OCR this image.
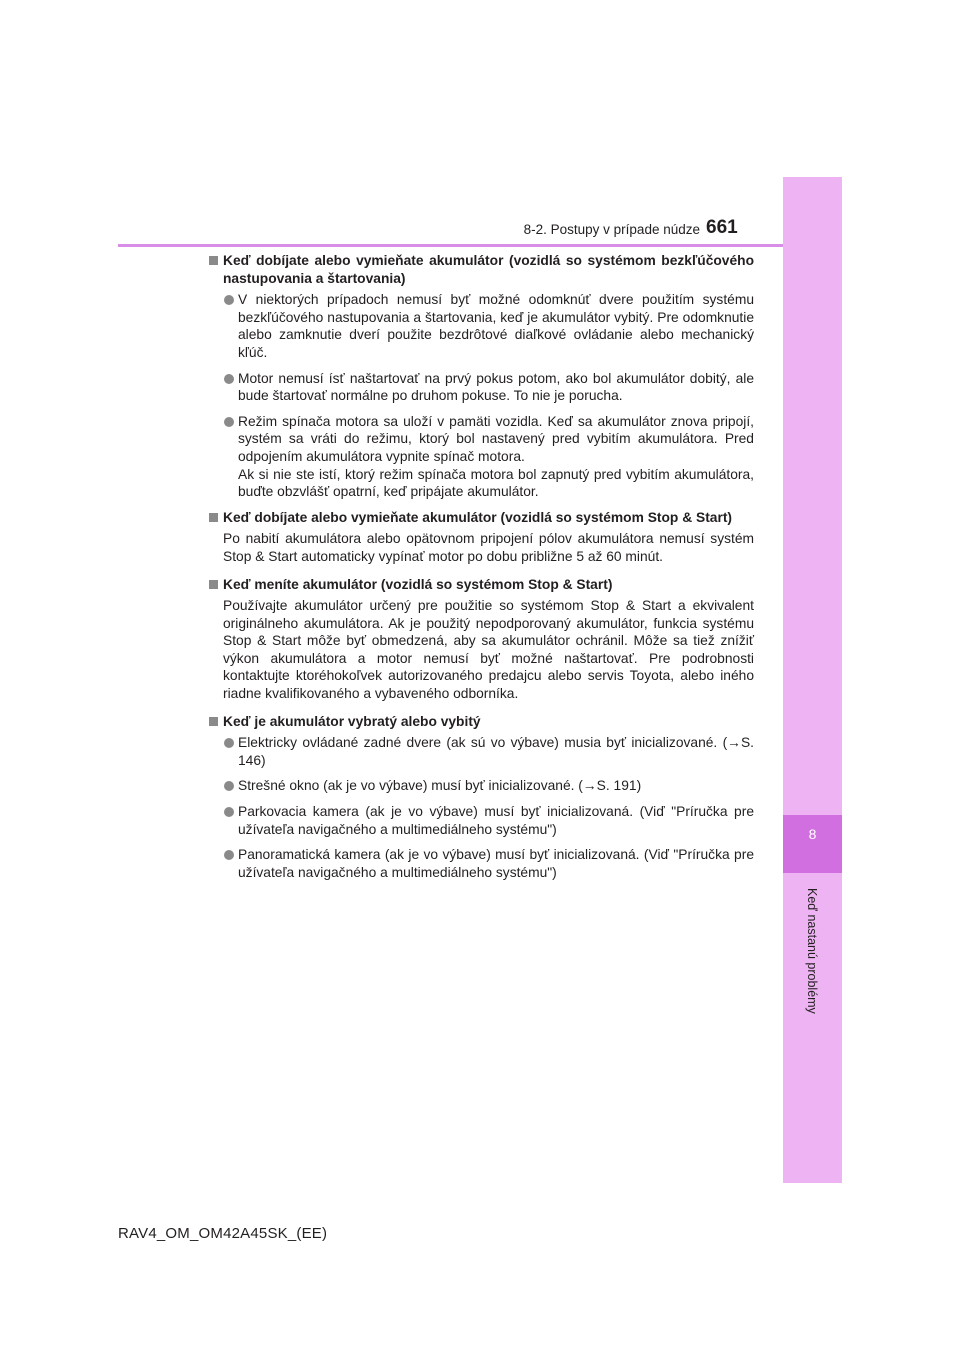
8
Keď nastanú problémy
8-2. Postupy v prípade núdze 661
Keď dobíjate alebo vymieňate akumulátor (vozidlá so systémom bezkľúčového nastupovania a štartovania)
V niektorých prípadoch nemusí byť možné odomknúť dvere použitím systému bezkľúčového nastupovania a štartovania, keď je akumulátor vybitý. Pre odomknutie alebo zamknutie dverí použite bezdrôtové diaľkové ovládanie alebo mechanický kľúč.
Motor nemusí ísť naštartovať na prvý pokus potom, ako bol akumulátor dobitý, ale bude štartovať normálne po druhom pokuse. To nie je porucha.
Režim spínača motora sa uloží v pamäti vozidla. Keď sa akumulátor znova pripojí, systém sa vráti do režimu, ktorý bol nastavený pred vybitím akumulátora. Pred odpojením akumulátora vypnite spínač motora.
Ak si nie ste istí, ktorý režim spínača motora bol zapnutý pred vybitím akumulátora, buďte obzvlášť opatrní, keď pripájate akumulátor.
Keď dobíjate alebo vymieňate akumulátor (vozidlá so systémom Stop & Start)
Po nabití akumulátora alebo opätovnom pripojení pólov akumulátora nemusí systém Stop & Start automaticky vypínať motor po dobu približne 5 až 60 minút.
Keď meníte akumulátor (vozidlá so systémom Stop & Start)
Používajte akumulátor určený pre použitie so systémom Stop & Start a ekvivalent originálneho akumulátora. Ak je použitý nepodporovaný akumulátor, funkcia systému Stop & Start môže byť obmedzená, aby sa akumulátor ochránil. Môže sa tiež znížiť výkon akumulátora a motor nemusí byť možné naštartovať. Pre podrobnosti kontaktujte ktoréhokoľvek autorizovaného predajcu alebo servis Toyota, alebo iného riadne kvalifikovaného a vybaveného odborníka.
Keď je akumulátor vybratý alebo vybitý
Elektricky ovládané zadné dvere (ak sú vo výbave) musia byť inicializované. (→S. 146)
Strešné okno (ak je vo výbave) musí byť inicializované. (→S. 191)
Parkovacia kamera (ak je vo výbave) musí byť inicializovaná. (Viď "Príručka pre užívateľa navigačného a multimediálneho systému")
Panoramatická kamera (ak je vo výbave) musí byť inicializovaná. (Viď "Príručka pre užívateľa navigačného a multimediálneho systému")
RAV4_OM_OM42A45SK_(EE)
